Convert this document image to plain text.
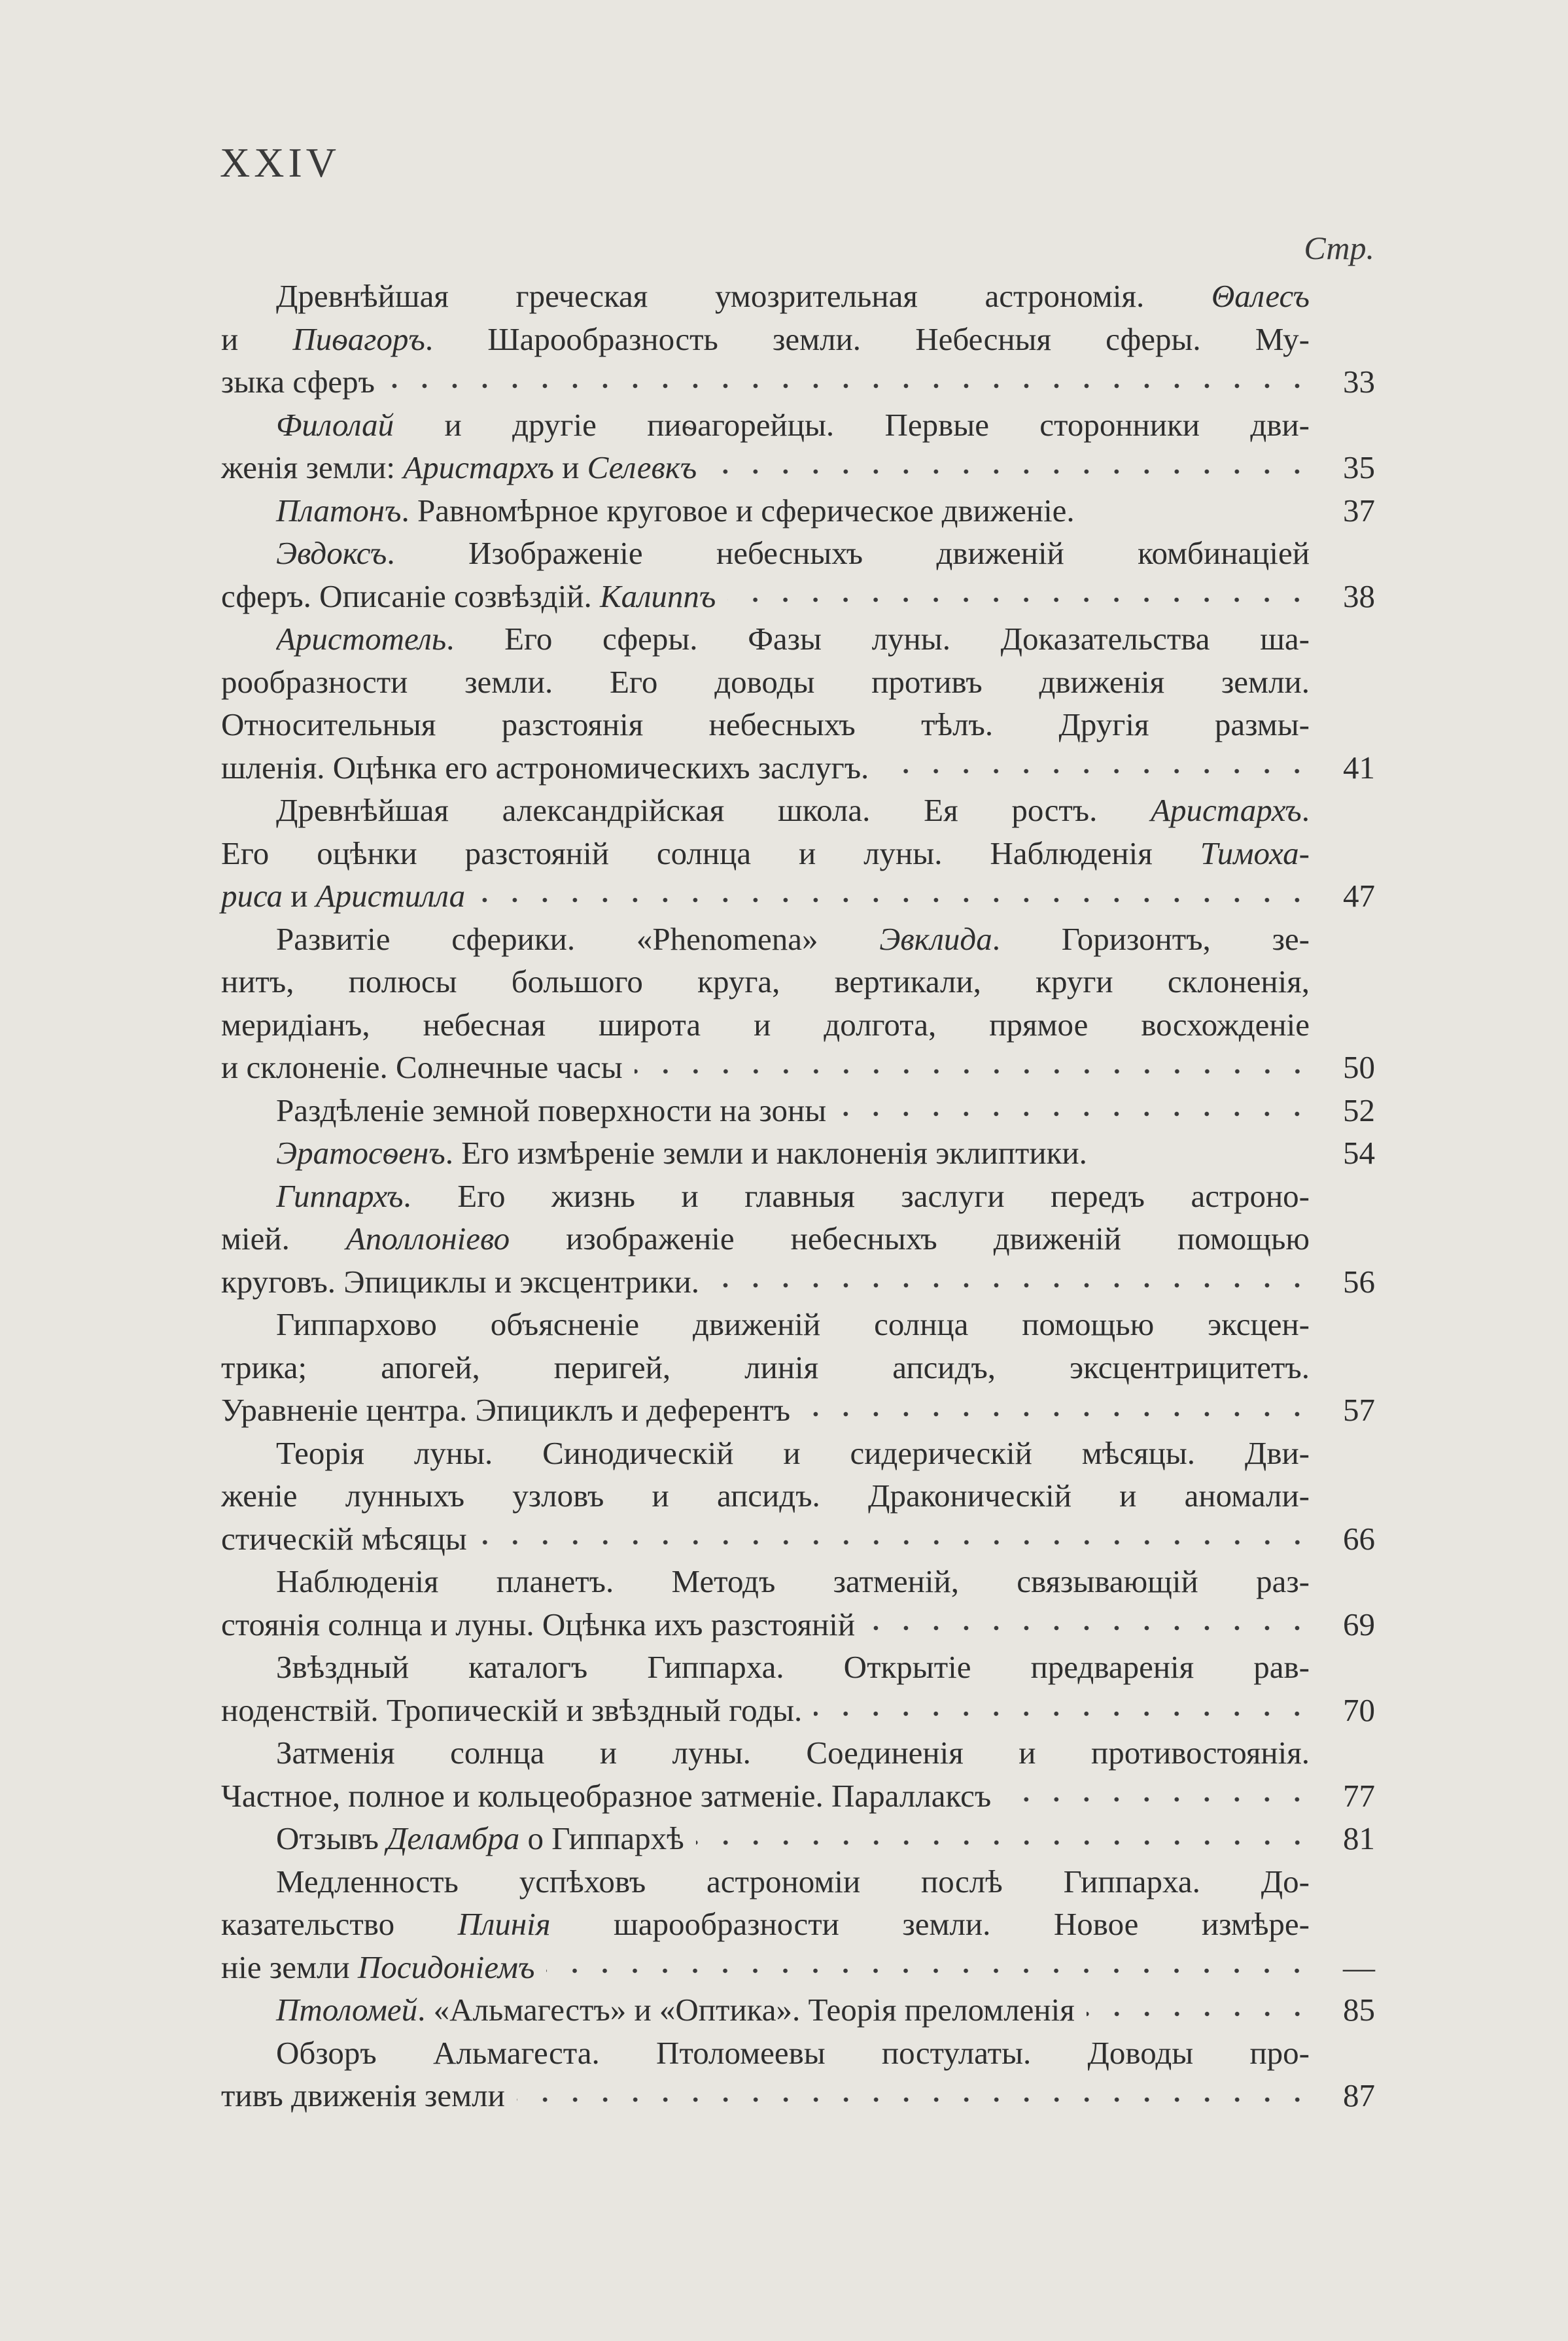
XXIV
Стр.
Древнѣйшая греческая умозрительная астрономія. Θалесъ
и Пиѳагоръ. Шарообразность земли. Небесныя сферы. Му-
зыка сферъ	33
Филолай и другіе пиѳагорейцы. Первые сторонники дви-
женія земли: Аристархъ и Селевкъ	35
Платонъ. Равномѣрное круговое и сферическое движеніе.	37
Эвдоксъ. Изображеніе небесныхъ движеній комбинаціей
сферъ. Описаніе созвѣздій. Калиппъ	38
Аристотель. Его сферы. Фазы луны. Доказательства ша-
рообразности земли. Его доводы противъ движенія земли.
Относительныя разстоянія небесныхъ тѣлъ. Другія размы-
шленія. Оцѣнка его астрономическихъ заслугъ.	41
Древнѣйшая александрійская школа. Ея ростъ. Аристархъ.
Его оцѣнки разстояній солнца и луны. Наблюденія Тимоха-
риса и Аристилла	47
Развитіе сферики. «Phenomena» Эвклида. Горизонтъ, зе-
нитъ, полюсы большого круга, вертикали, круги склоненія,
меридіанъ, небесная широта и долгота, прямое восхожденіе
и склоненіе. Солнечные часы	50
Раздѣленіе земной поверхности на зоны	52
Эратосѳенъ. Его измѣреніе земли и наклоненія эклиптики.	54
Гиппархъ. Его жизнь и главныя заслуги передъ астроно-
міей. Аполлоніево изображеніе небесныхъ движеній помощью
круговъ. Эпициклы и эксцентрики.	56
Гиппархово объясненіе движеній солнца помощью эксцен-
трика; апогей, перигей, линія апсидъ, эксцентрицитетъ.
Уравненіе центра. Эпициклъ и деферентъ	57
Теорія луны. Синодическій и сидерическій мѣсяцы. Дви-
женіе лунныхъ узловъ и апсидъ. Драконическій и аномали-
стическій мѣсяцы	66
Наблюденія планетъ. Методъ затменій, связывающій раз-
стоянія солнца и луны. Оцѣнка ихъ разстояній	69
Звѣздный каталогъ Гиппарха. Открытіе предваренія рав-
ноденствій. Тропическій и звѣздный годы.	70
Затменія солнца и луны. Соединенія и противостоянія.
Частное, полное и кольцеобразное затменіе. Параллаксъ	77
Отзывъ Деламбра о Гиппархѣ	81
Медленность успѣховъ астрономіи послѣ Гиппарха. До-
казательство Плинія шарообразности земли. Новое измѣре-
ніе земли Посидоніемъ	—
Птоломей. «Альмагестъ» и «Оптика». Теорія преломленія	85
Обзоръ Альмагеста. Птоломеевы постулаты. Доводы про-
тивъ движенія земли	87
